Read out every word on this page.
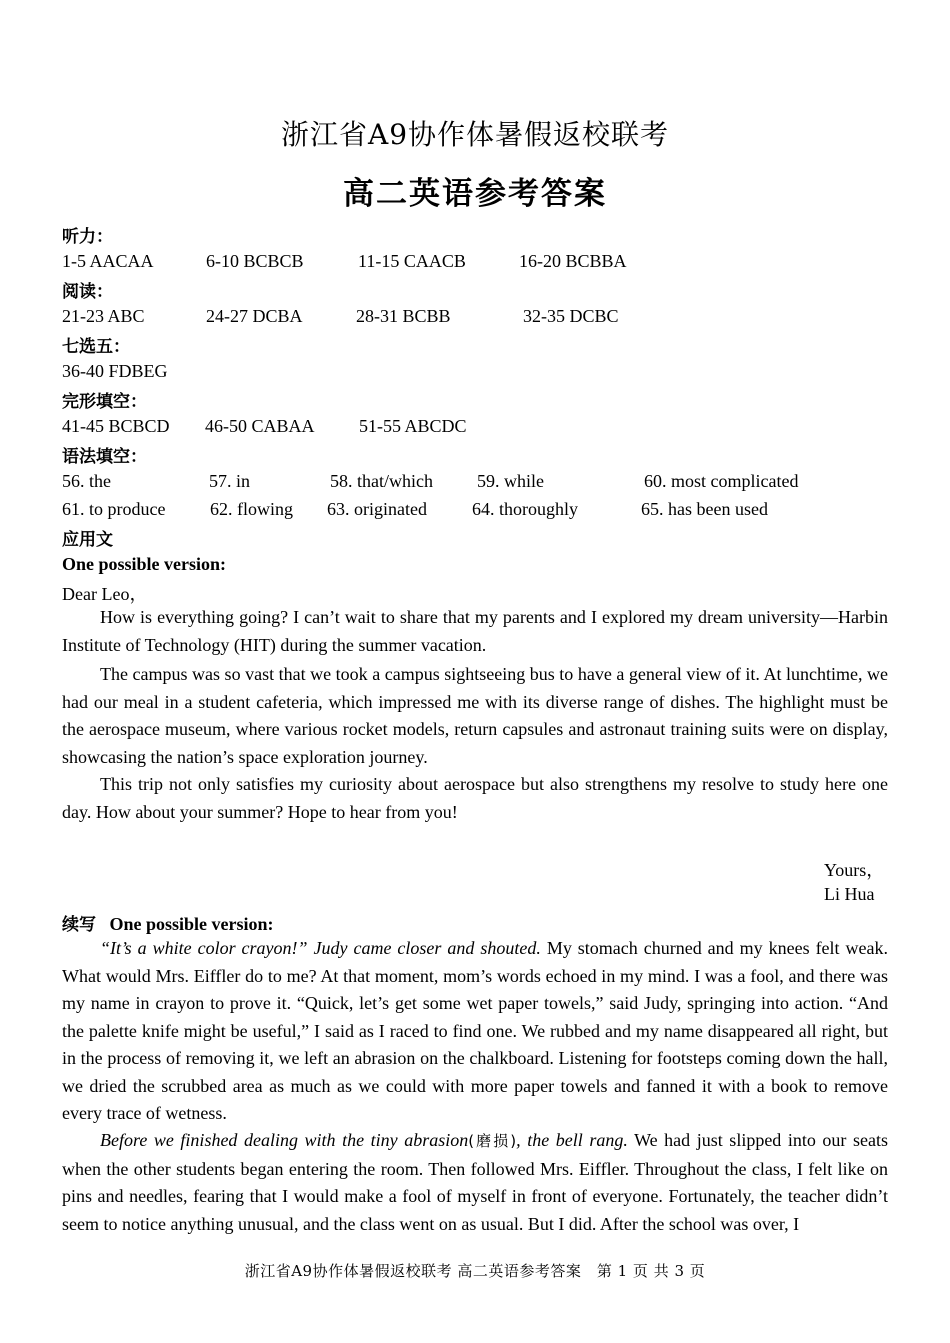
浙江省A9协作体暑假返校联考
高二英语参考答案
听力：
1-5 AACAA	6-10 BCBCB	11-15 CAACB	16-20 BCBBA
阅读：
21-23 ABC	24-27 DCBA	28-31 BCBB	32-35 DCBC
七选五：
36-40 FDBEG
完形填空：
41-45 BCBCD 46-50 CABAA 51-55 ABCDC
语法填空：
56. the	57. in	58. that/which 59. while	60. most complicated
61. to produce 62. flowing 63. originated	64. thoroughly	65. has been used
应用文
One possible version:
Dear Leo，

How is everything going? I can’t wait to share that my parents and I explored my dream university—Harbin Institute of Technology (HIT) during the summer vacation.

The campus was so vast that we took a campus sightseeing bus to have a general view of it. At lunchtime, we had our meal in a student cafeteria, which impressed me with its diverse range of dishes. The highlight must be the aerospace museum, where various rocket models, return capsules and astronaut training suits were on display, showcasing the nation’s space exploration journey.

This trip not only satisfies my curiosity about aerospace but also strengthens my resolve to study here one day. How about your summer? Hope to hear from you!

Yours，
Li Hua
续写 One possible version:

“It’s a white color crayon!” Judy came closer and shouted. My stomach churned and my knees felt weak. What would Mrs. Eiffler do to me? At that moment, mom’s words echoed in my mind. I was a fool, and there was my name in crayon to prove it. “Quick, let’s get some wet paper towels,” said Judy, springing into action. “And the palette knife might be useful,” I said as I raced to find one. We rubbed and my name disappeared all right, but in the process of removing it, we left an abrasion on the chalkboard. Listening for footsteps coming down the hall, we dried the scrubbed area as much as we could with more paper towels and fanned it with a book to remove every trace of wetness.

Before we finished dealing with the tiny abrasion(磨损), the bell rang. We had just slipped into our seats when the other students began entering the room. Then followed Mrs. Eiffler. Throughout the class, I felt like on pins and needles, fearing that I would make a fool of myself in front of everyone. Fortunately, the teacher didn’t seem to notice anything unusual, and the class went on as usual. But I did. After the school was over, I

浙江省A9协作体暑假返校联考 高二英语参考答案　第 1 页 共 3 页
